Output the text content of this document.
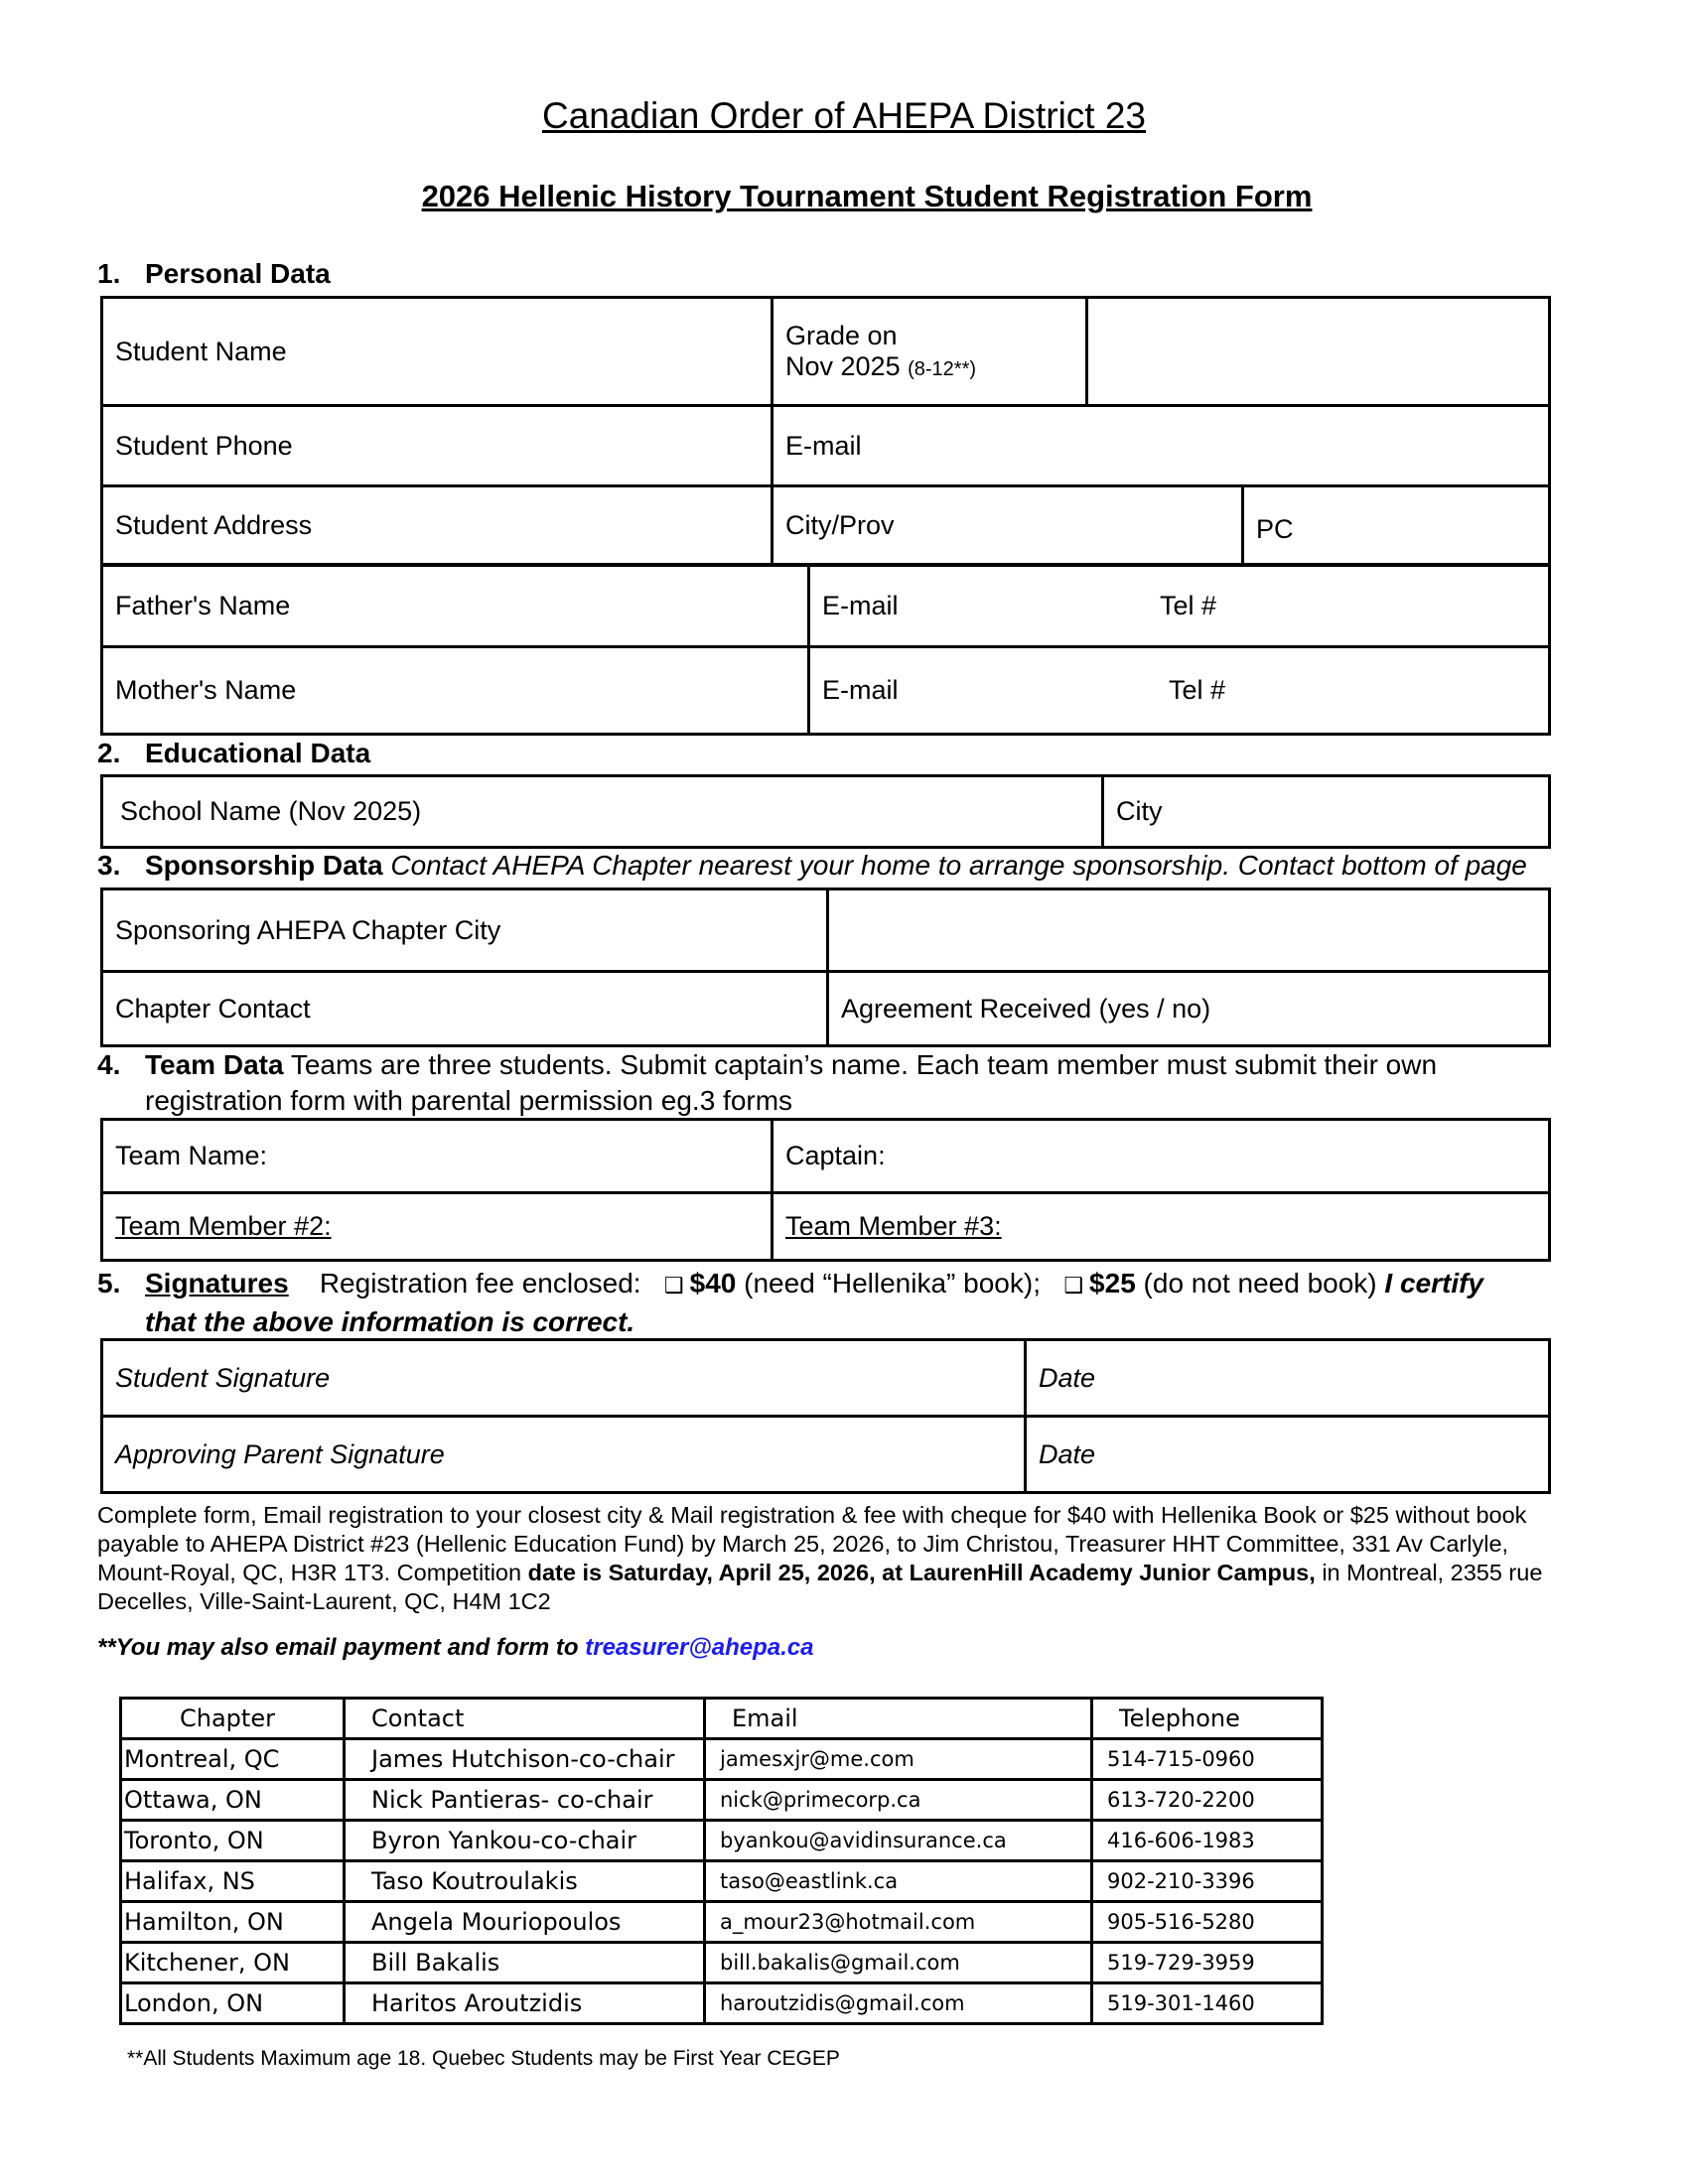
Canadian Order of AHEPA District 23
2026 Hellenic History Tournament Student Registration Form
1. Personal Data
Student Name	Grade on
Nov 2025 (8-12**)		
Student Phone	E-mail		
Student Address	City/Prov		PC
Father's Name	E-mail	Tel #
Mother's Name	E-mail	Tel #
2. Educational Data
School Name (Nov 2025)	City
3. Sponsorship Data Contact AHEPA Chapter nearest your home to arrange sponsorship. Contact bottom of page
Sponsoring AHEPA Chapter City	
Chapter Contact	Agreement Received (yes / no)
4. Team Data Teams are three students. Submit captain’s name. Each team member must submit their own
registration form with parental permission eg.3 forms
Team Name:	Captain:
Team Member #2:	Team Member #3:
5. Signatures Registration fee enclosed: ❑ $40 (need “Hellenika” book); ❑ $25 (do not need book) I certify
that the above information is correct.
Student Signature	Date
Approving Parent Signature	Date
Complete form, Email registration to your closest city & Mail registration & fee with cheque for $40 with Hellenika Book or $25 without book payable to AHEPA District #23 (Hellenic Education Fund) by March 25, 2026, to Jim Christou, Treasurer HHT Committee, 331 Av Carlyle, Mount-Royal, QC, H3R 1T3. Competition date is Saturday, April 25, 2026, at LaurenHill Academy Junior Campus, in Montreal, 2355 rue Decelles, Ville-Saint-Laurent, QC, H4M 1C2
**You may also email payment and form to treasurer@ahepa.ca
Chapter	Contact	Email	Telephone
Montreal, QC	James Hutchison-co-chair	jamesxjr@me.com	514-715-0960
Ottawa, ON	Nick Pantieras- co-chair	nick@primecorp.ca	613-720-2200
Toronto, ON	Byron Yankou-co-chair	byankou@avidinsurance.ca	416-606-1983
Halifax, NS	Taso Koutroulakis	taso@eastlink.ca	902-210-3396
Hamilton, ON	Angela Mouriopoulos	a_mour23@hotmail.com	905-516-5280
Kitchener, ON	Bill Bakalis	bill.bakalis@gmail.com	519-729-3959
London, ON	Haritos Aroutzidis	haroutzidis@gmail.com	519-301-1460
**All Students Maximum age 18. Quebec Students may be First Year CEGEP
